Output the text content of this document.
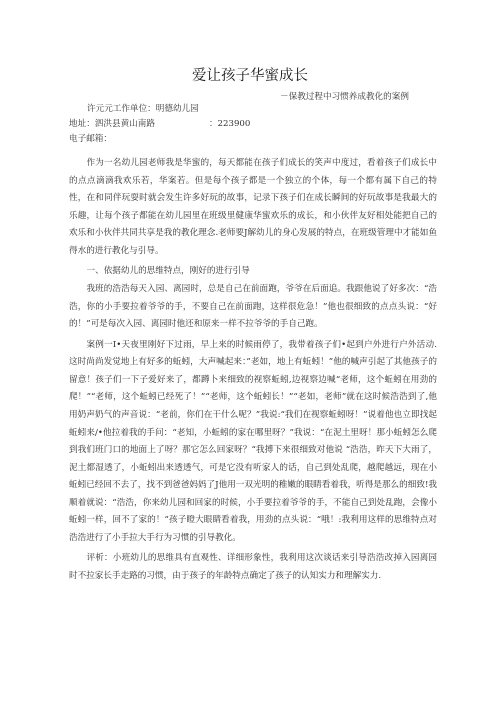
爱让孩子华蜜成长
－保教过程中习惯养成教化的案例
许元元工作单位：明德幼儿园
地址：泗洪县黄山南路	：223900
电子邮箱：

作为一名幼儿园老师我是华蜜的，每天都能在孩子们成长的笑声中度过，看着孩子们成长中的点点滴滴我欢乐若，华案若。但是每个孩子都是一个独立的个体，每一个都有属下自己的特性，在和同伴玩耍时就会发生许多好玩的故事，记录下孩子们在成长瞬间的好玩故事是我最大的乐趣，让每个孩子都能在幼儿园里在班级里健康华蜜欢乐的成长，和小伙伴友好相处能把自己的欢乐和小伙伴共同共享是我的教化理念.老师要J解幼儿的身心发展的特点，在班级管理中才能如鱼得水的进行教化与引导。

一、依据幼儿的思维特点，刚好的进行引导

我班的浩浩每天入园、离园时，总是自己在前面跑，爷爷在后面追。我跟他说了好多次：“浩浩，你的小手要拉着爷爷的手，不要自己在前面跑，这样很危急！”他也很细致的点点头说：“好的！”可是每次入园、离园时他还和原来一样不拉爷爷的手自己跑。

案例一I•天夜里刚好下过雨，早上来的时候雨停了，我带着孩子们•起到户外进行户外活动.这时尚尚发觉地上有好多的蚯蚓，大声喊起来：”老如，地上有蚯蚓！”他的喊声引起了其他孩子的留意！孩子们一下子爱好来了，都蹲卜来细致的视察蚯蚓,边视察边喊“老师，这个蚯蚓在用劲的爬！”“老师，这个蚯蚓已经死了！”“老师，这个蚯蚓长！”“老如，老师”就在这时候浩浩到了,他用奶声奶气的声音说：“老前，你们在干什么呢？”我说:“我们在视察蚯蚓呀！”说着他也立即找起蚯蚓来/•他拉着我的手问：“老知，小蚯蚓的家在哪里呀？”我说：“在泥土里呀！那小蚯蚓怎么爬到我们班门口的地面上了呀？那它怎么回家呀？“我搏下来很细致对他说 “浩浩，昨天下大雨了，泥土都湿透了，小蚯蚓出来透透气，可是它没有听家人的话，自己到处乱爬，越爬越远，现在小蚯蚓已经回不去了，找不到爸爸妈妈了J他用一双光明的稚嫩的眼睛看着我，听得是那么的细致!我顺着就说：“浩浩，你来幼儿园和回家的时候，小手要拉着爷爷的手，不能自己到处乱跑，会像小蚯蚓一样，回不了家的！”孩子瞪大眼睛看着我，用劲的点头说：“哦！:我利用这样的思维特点对浩浩进行了小手拉大手行为习惯的引导教化。

评析：小班幼儿的思维具有直观性、详细形象性，我利用这次谈话来引导浩浩改掉入园离园时不拉家长手走路的习惯，由于孩子的年龄特点确定了孩子的认知实力和理解实力.
